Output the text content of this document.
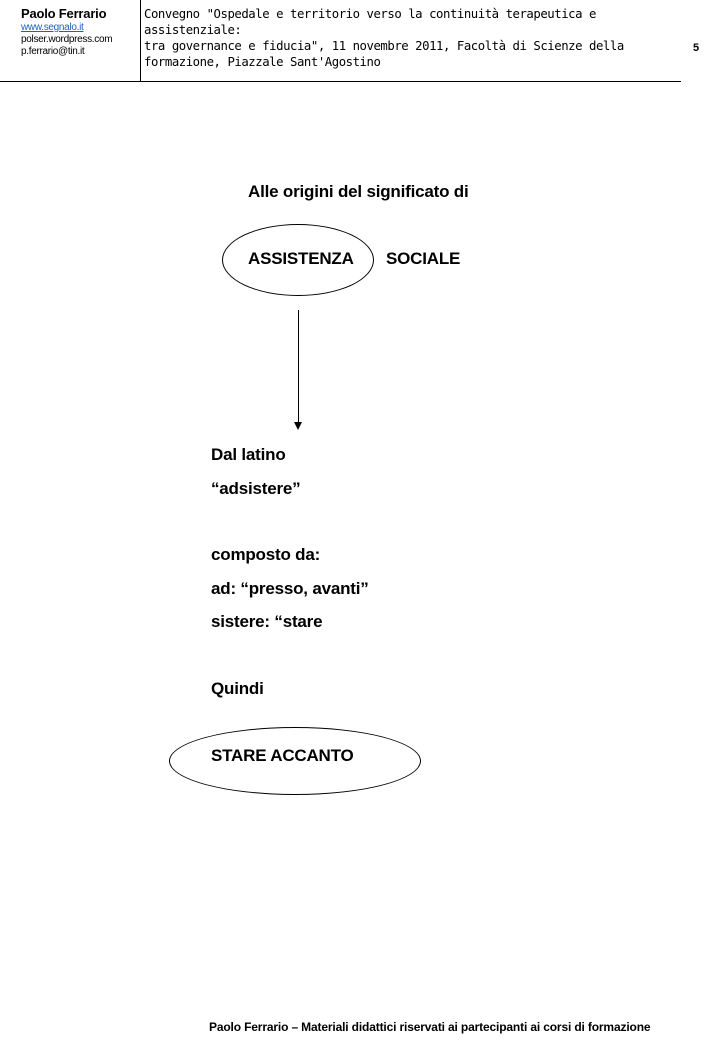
Paolo Ferrario
www.segnalo.it
polser.wordpress.com
p.ferrario@tin.it
Convegno "Ospedale e territorio verso la continuità terapeutica e assistenziale:
tra governance e fiducia", 11 novembre 2011, Facoltà di Scienze della
formazione, Piazzale Sant'Agostino
5
Alle origini del significato di
ASSISTENZA SOCIALE
Dal latino
“adsistere”
composto da:
ad: “presso, avanti”
sistere: “stare
Quindi
STARE ACCANTO
Paolo Ferrario – Materiali didattici riservati ai partecipanti ai corsi di formazione
